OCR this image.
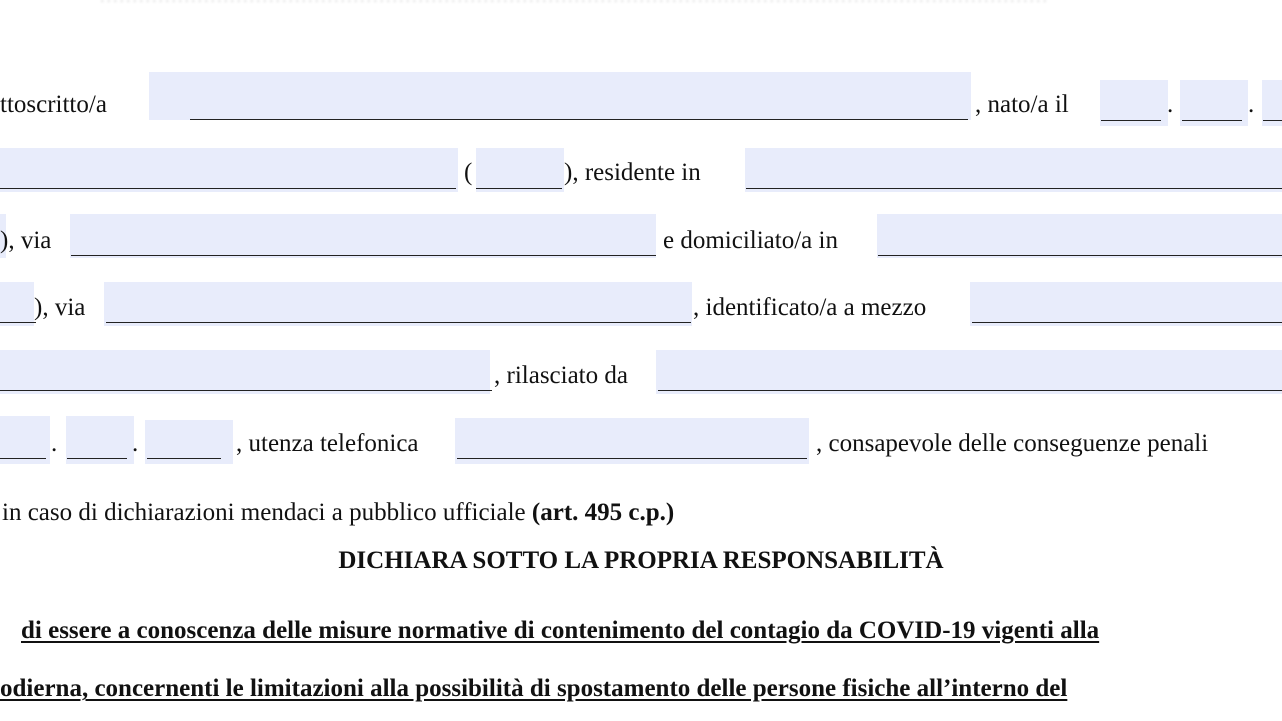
ttoscritto/a	, nato/a il	.	.
(	), residente in
), via	e domiciliato/a in
), via	, identificato/a a mezzo
, rilasciato da
.	.	, utenza telefonica	, consapevole delle conseguenze penali
in caso di dichiarazioni mendaci a pubblico ufficiale (art. 495 c.p.)
DICHIARA SOTTO LA PROPRIA RESPONSABILITÀ
di essere a conoscenza delle misure normative di contenimento del contagio da COVID-19 vigenti alla
odierna, concernenti le limitazioni alla possibilità di spostamento delle persone fisiche all’interno del
